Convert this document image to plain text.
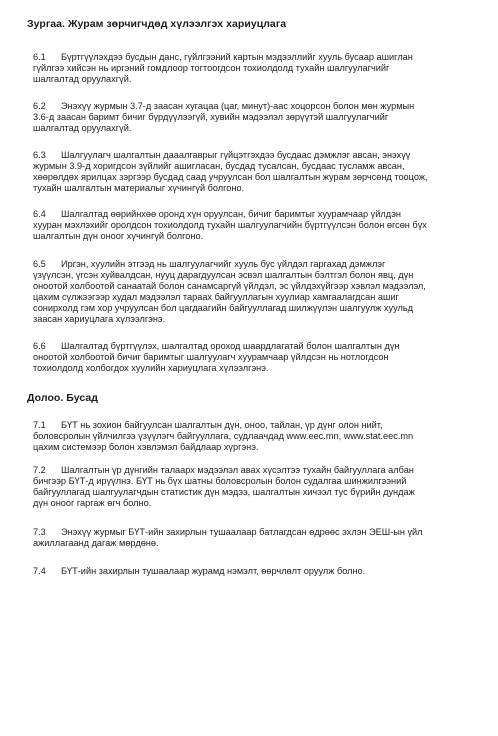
Зургаа. Журам зөрчигчдөд хүлээлгэх хариуцлага
6.1 Бүртгүүлэхдээ бусдын данс, гүйлгээний картын мэдээллийг хууль бусаар ашиглан
гүйлгээ хийсэн нь иргэний гомдлоор тогтоогдсон тохиолдолд тухайн шалгуулагчийг
шалгалтад оруулахгүй.
6.2 Энэхүү журмын 3.7-д заасан хугацаа (цаг, минут)-аас хоцорсон болон мөн журмын
3.6-д заасан баримт бичиг бүрдүүлээгүй, хувийн мэдээлэл зөрүүтэй шалгуулагчийг
шалгалтад оруулахгүй.
6.3 Шалгуулагч шалгалтын дааалгаврыг гүйцэтгэхдээ бусдаас дэмжлэг авсан, энэхүү
журмын 3.9-д хоригдсон зүйлийг ашигласан, бусдад тусалсан, бусдаас тусламж авсан,
хөөрөлдөх ярилцах зэргээр бусдад саад учруулсан бол шалгалтын журам зөрчсөнд тооцож,
тухайн шалгалтын материалыг хүчингүй болгоно.
6.4 Шалгалтад өөрийнхөө оронд хүн оруулсан, бичиг баримтыг хуурамчаар үйлдэн
хууран мэхлэхийг оролдсон тохиолдолд тухайн шалгуулагчийн бүртгүүлсэн болон өгсөн бүх
шалгалтын дүн оноог хүчингүй болгоно.
6.5 Иргэн, хуулийн этгээд нь шалгуулагчийг хууль бус үйлдэл гаргахад дэмжлэг
үзүүлсэн, үгсэн хуйвалдсан, нууц дарагдуулсан эсвэл шалгалтын бэлтгэл болон явц, дүн
оноотой холбоотой санаатай болон санамсаргүй үйлдэл, эс үйлдэхүйгээр хэвлэл мэдээлэл,
цахим сүлжээгээр худал мэдээлэл тараах байгууллагын хуулиар хамгаалагдсан ашиг
сонирхолд гэм хор учруулсан бол цагдаагийн байгууллагад шилжүүлэн шалгуулж хуульд
заасан хариуцлага хүлээлгэнэ.
6.6 Шалгалтад бүртгүүлэх, шалгалтад ороход шаардлагатай болон шалгалтын дүн
оноотой холбоотой бичиг баримтыг шалгуулагч хуурамчаар үйлдсэн нь нотлогдсон
тохиолдолд холбогдох хуулийн хариуцлага хүлээлгэнэ.
Долоо. Бусад
7.1 БҮТ нь зохион байгуулсан шалгалтын дүн, оноо, тайлан, үр дүнг олон нийт,
боловсролын үйлчилгээ үзүүлэгч байгууллага, судлаачдад www.eec.mn, www.stat.eec.mn
цахим системээр болон хэвлэмэл байдлаар хүргэнэ.
7.2 Шалгалтын үр дүнгийн талаарх мэдээлэл авах хүсэлтээ тухайн байгууллага албан
бичгээр БҮТ-д ирүүлнэ. БҮТ нь бүх шатны боловсролын болон судалгаа шинжилгээний
байгууллагад шалгуулагчдын статистик дүн мэдээ, шалгалтын хичээл тус бүрийн дундаж
дүн оноог гаргаж өгч болно.
7.3 Энэхүү журмыг БҮТ-ийн захирлын тушаалаар батлагдсан өдрөөс эхлэн ЭЕШ-ын үйл
ажиллагаанд дагаж мөрдөнө.
7.4 БҮТ-ийн захирлын тушаалаар журамд нэмэлт, өөрчлөлт оруулж болно.
